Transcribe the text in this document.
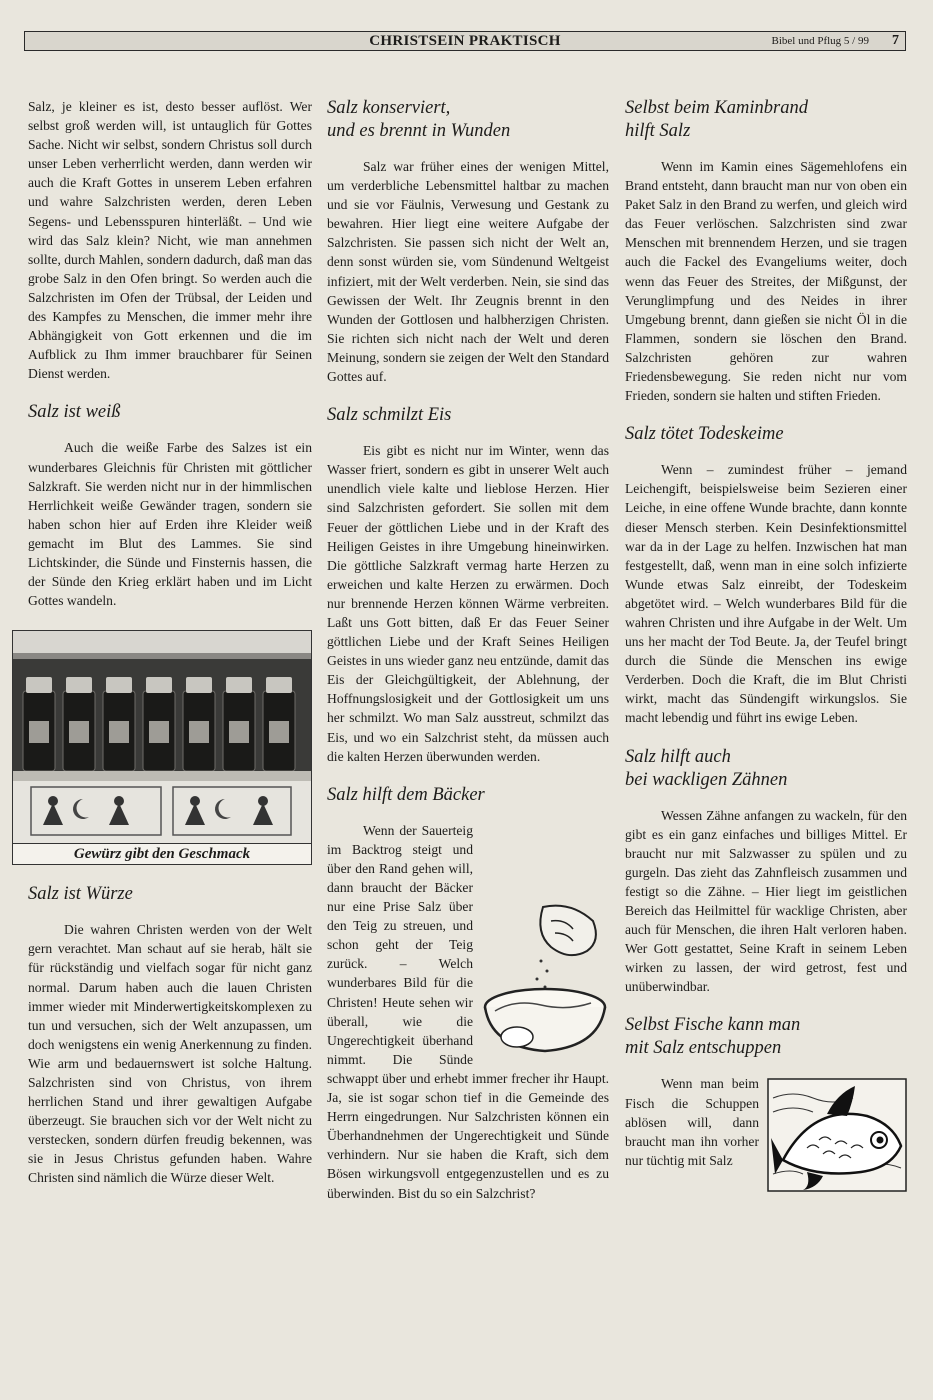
CHRISTSEIN PRAKTISCH	Bibel und Pflug 5 / 99 7

Salz, je kleiner es ist, desto besser auflöst. Wer selbst groß werden will, ist untauglich für Gottes Sache. Nicht wir selbst, sondern Christus soll durch unser Leben verherrlicht werden, dann werden wir auch die Kraft Gottes in unserem Leben erfahren und wahre Salzchristen werden, deren Leben Segens- und Lebensspuren hinterläßt. – Und wie wird das Salz klein? Nicht, wie man annehmen sollte, durch Mahlen, sondern dadurch, daß man das grobe Salz in den Ofen bringt. So werden auch die Salzchristen im Ofen der Trübsal, der Leiden und des Kampfes zu Menschen, die immer mehr ihre Abhängigkeit von Gott erkennen und die im Aufblick zu Ihm immer brauchbarer für Seinen Dienst werden.

Salz ist weiß

Auch die weiße Farbe des Salzes ist ein wunderbares Gleichnis für Christen mit göttlicher Salzkraft. Sie werden nicht nur in der himmlischen Herrlichkeit weiße Gewänder tragen, sondern sie haben schon hier auf Erden ihre Kleider weiß gemacht im Blut des Lammes. Sie sind Lichtskinder, die Sünde und Finsternis hassen, die der Sünde den Krieg erklärt haben und im Licht Gottes wandeln.

Gewürz gibt den Geschmack
Salz ist Würze

Die wahren Christen werden von der Welt gern verachtet. Man schaut auf sie herab, hält sie für rückständig und vielfach sogar für nicht ganz normal. Darum haben auch die lauen Christen immer wieder mit Minderwertigkeitskomplexen zu tun und versuchen, sich der Welt anzupassen, um doch wenigstens ein wenig Anerkennung zu finden. Wie arm und bedauernswert ist solche Haltung. Salzchristen sind von Christus, von ihrem herrlichen Stand und ihrer gewaltigen Aufgabe überzeugt. Sie brauchen sich vor der Welt nicht zu verstecken, sondern dürfen freudig bekennen, was sie in Jesus Christus gefunden haben. Wahre Christen sind nämlich die Würze dieser Welt.

Salz konserviert,
und es brennt in Wunden

Salz war früher eines der wenigen Mittel, um verderbliche Lebensmittel haltbar zu machen und sie vor Fäulnis, Verwesung und Gestank zu bewahren. Hier liegt eine weitere Aufgabe der Salzchristen. Sie passen sich nicht der Welt an, denn sonst würden sie, vom Sündenund Weltgeist infiziert, mit der Welt verderben. Nein, sie sind das Gewissen der Welt. Ihr Zeugnis brennt in den Wunden der Gottlosen und halbherzigen Christen. Sie richten sich nicht nach der Welt und deren Meinung, sondern sie zeigen der Welt den Standard Gottes auf.

Salz schmilzt Eis

Eis gibt es nicht nur im Winter, wenn das Wasser friert, sondern es gibt in unserer Welt auch unendlich viele kalte und lieblose Herzen. Hier sind Salzchristen gefordert. Sie sollen mit dem Feuer der göttlichen Liebe und in der Kraft des Heiligen Geistes in ihre Umgebung hineinwirken. Die göttliche Salzkraft vermag harte Herzen zu erweichen und kalte Herzen zu erwärmen. Doch nur brennende Herzen können Wärme verbreiten. Laßt uns Gott bitten, daß Er das Feuer Seiner göttlichen Liebe und der Kraft Seines Heiligen Geistes in uns wieder ganz neu entzünde, damit das Eis der Gleichgültigkeit, der Ablehnung, der Hoffnungslosigkeit und der Gottlosigkeit um uns her schmilzt. Wo man Salz ausstreut, schmilzt das Eis, und wo ein Salzchrist steht, da müssen auch die kalten Herzen überwunden werden.

Salz hilft dem Bäcker

Wenn der Sauerteig im Backtrog steigt und über den Rand gehen will, dann braucht der Bäcker nur eine Prise Salz über den Teig zu streuen, und schon geht der Teig zurück. – Welch wunderbares Bild für die Christen! Heute sehen wir überall, wie die Ungerechtigkeit überhand nimmt. Die Sünde schwappt über und erhebt immer frecher ihr Haupt. Ja, sie ist sogar schon tief in die Gemeinde des Herrn eingedrungen. Nur Salzchristen können ein Überhandnehmen der Ungerechtigkeit und Sünde verhindern. Nur sie haben die Kraft, sich dem Bösen wirkungsvoll entgegenzustellen und es zu überwinden. Bist du so ein Salzchrist?

Selbst beim Kaminbrand
hilft Salz

Wenn im Kamin eines Sägemehlofens ein Brand entsteht, dann braucht man nur von oben ein Paket Salz in den Brand zu werfen, und gleich wird das Feuer verlöschen. Salzchristen sind zwar Menschen mit brennendem Herzen, und sie tragen auch die Fackel des Evangeliums weiter, doch wenn das Feuer des Streites, der Mißgunst, der Verunglimpfung und des Neides in ihrer Umgebung brennt, dann gießen sie nicht Öl in die Flammen, sondern sie löschen den Brand. Salzchristen gehören zur wahren Friedensbewegung. Sie reden nicht nur vom Frieden, sondern sie halten und stiften Frieden.

Salz tötet Todeskeime

Wenn – zumindest früher – jemand Leichengift, beispielsweise beim Sezieren einer Leiche, in eine offene Wunde brachte, dann konnte dieser Mensch sterben. Kein Desinfektionsmittel war da in der Lage zu helfen. Inzwischen hat man festgestellt, daß, wenn man in eine solch infizierte Wunde etwas Salz einreibt, der Todeskeim abgetötet wird. – Welch wunderbares Bild für die wahren Christen und ihre Aufgabe in der Welt. Um uns her macht der Tod Beute. Ja, der Teufel bringt durch die Sünde die Menschen ins ewige Verderben. Doch die Kraft, die im Blut Christi wirkt, macht das Sündengift wirkungslos. Sie macht lebendig und führt ins ewige Leben.

Salz hilft auch
bei wackligen Zähnen

Wessen Zähne anfangen zu wackeln, für den gibt es ein ganz einfaches und billiges Mittel. Er braucht nur mit Salzwasser zu spülen und zu gurgeln. Das zieht das Zahnfleisch zusammen und festigt so die Zähne. – Hier liegt im geistlichen Bereich das Heilmittel für wacklige Christen, aber auch für Menschen, die ihren Halt verloren haben. Wer Gott gestattet, Seine Kraft in seinem Leben wirken zu lassen, der wird getrost, fest und unüberwindbar.

Selbst Fische kann man
mit Salz entschuppen

Wenn man beim Fisch die Schuppen ablösen will, dann braucht man ihn vorher nur tüchtig mit Salz
